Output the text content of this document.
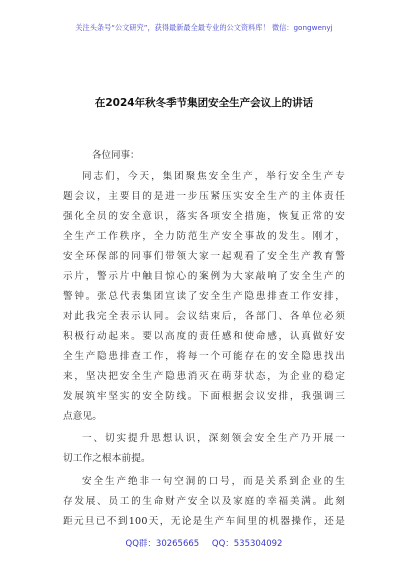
关注头条号“公文研究”，获得最新最全最专业的公文资料库！ 微信：gongwenyj
在2024年秋冬季节集团安全生产会议上的讲话
各位同事：
同志们，今天，集团聚焦安全生产，举行安全生产专
题会议，主要目的是进一步压紧压实安全生产的主体责任
强化全员的安全意识，落实各项安全措施，恢复正常的安
全生产工作秩序，全力防范生产安全事故的发生。刚才，
安全环保部的同事们带领大家一起观看了安全生产教育警
示片，警示片中触目惊心的案例为大家敲响了安全生产的
警钟。张总代表集团宣读了安全生产隐患排查工作安排，
对此我完全表示认同。会议结束后，各部门、各单位必须
积极行动起来。要以高度的责任感和使命感，认真做好安
全生产隐患排查工作，将每一个可能存在的安全隐患找出
来，坚决把安全生产隐患消灭在萌芽状态，为企业的稳定
发展筑牢坚实的安全防线。下面根据会议安排，我强调三
点意见。
一、切实提升思想认识，深刻领会安全生产乃开展一
切工作之根本前提。
安全生产绝非一句空洞的口号，而是关系到企业的生
存发展、员工的生命财产安全以及家庭的幸福美满。此刻
距元旦已不到100天，无论是生产车间里的机器操作，还是
QQ群：30265665 QQ：535304092
